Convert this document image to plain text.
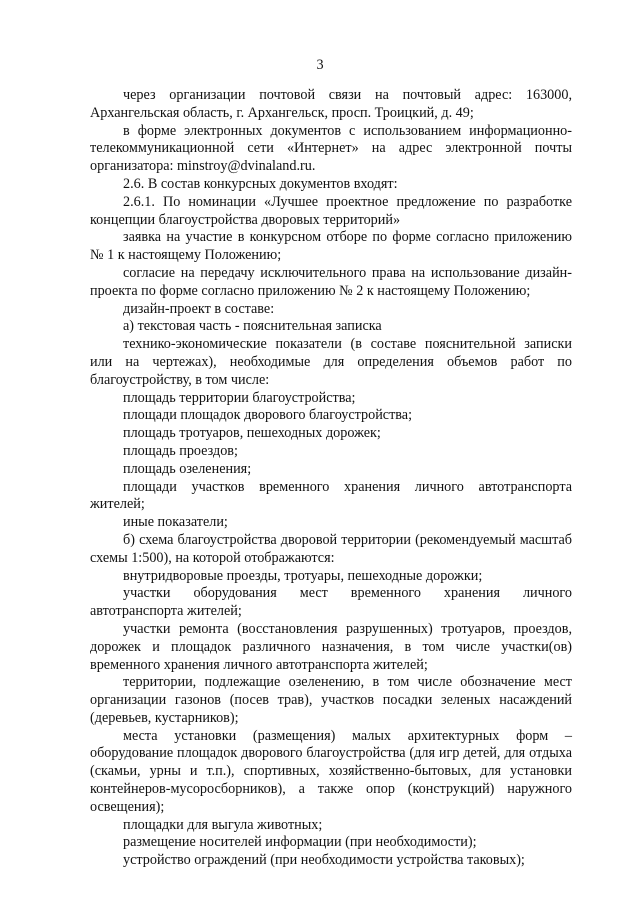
3

через организации почтовой связи на почтовый адрес: 163000, Архангельская область, г. Архангельск, просп. Троицкий, д. 49;

в форме электронных документов с использованием информационно-телекоммуникационной сети «Интернет» на адрес электронной почты организатора: minstroy@dvinaland.ru.

2.6. В состав конкурсных документов входят:

2.6.1. По номинации «Лучшее проектное предложение по разработке концепции благоустройства дворовых территорий»

заявка на участие в конкурсном отборе по форме согласно приложению № 1 к настоящему Положению;

согласие на передачу исключительного права на использование дизайн-проекта по форме согласно приложению № 2 к настоящему Положению;

дизайн-проект в составе:

а) текстовая часть - пояснительная записка

технико-экономические показатели (в составе пояснительной записки или на чертежах), необходимые для определения объемов работ по благоустройству, в том числе:

площадь территории благоустройства;

площади площадок дворового благоустройства;

площадь тротуаров, пешеходных дорожек;

площадь проездов;

площадь озеленения;

площади участков временного хранения личного автотранспорта жителей;

иные показатели;

б) схема благоустройства дворовой территории (рекомендуемый масштаб схемы 1:500), на которой отображаются:

внутридворовые проезды, тротуары, пешеходные дорожки;

участки оборудования мест временного хранения личного автотранспорта жителей;

участки ремонта (восстановления разрушенных) тротуаров, проездов, дорожек и площадок различного назначения, в том числе участки(ов) временного хранения личного автотранспорта жителей;

территории, подлежащие озеленению, в том числе обозначение мест организации газонов (посев трав), участков посадки зеленых насаждений (деревьев, кустарников);

места установки (размещения) малых архитектурных форм – оборудование площадок дворового благоустройства (для игр детей, для отдыха (скамьи, урны и т.п.), спортивных, хозяйственно-бытовых, для установки контейнеров-мусоросборников), а также опор (конструкций) наружного освещения);

площадки для выгула животных;

размещение носителей информации (при необходимости);

устройство ограждений (при необходимости устройства таковых);
